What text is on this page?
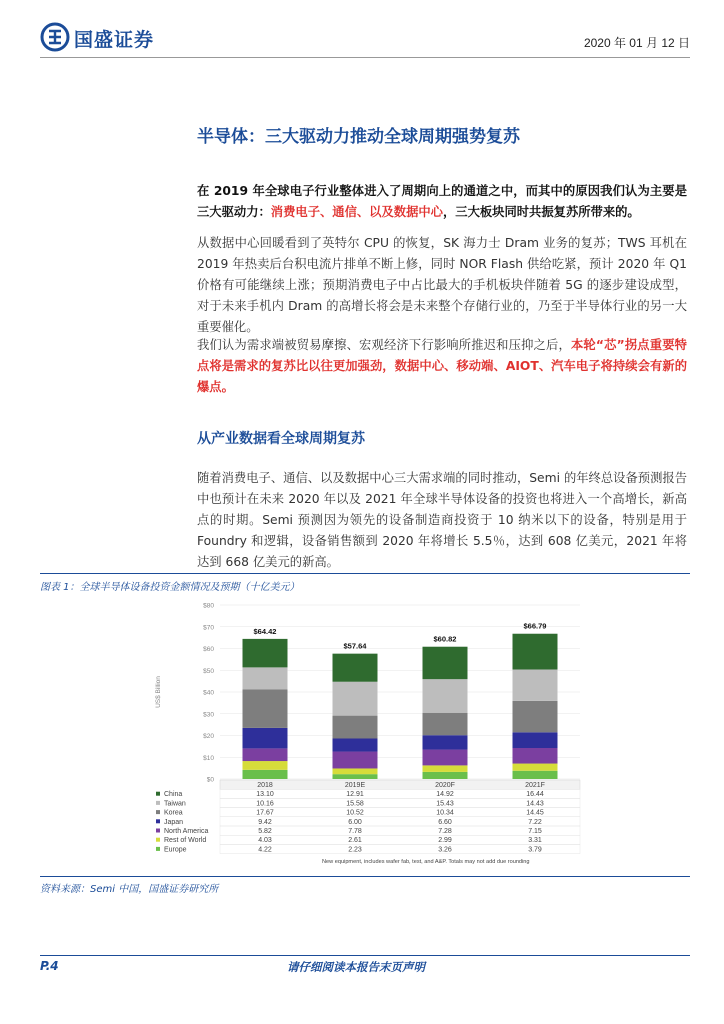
国盛证券	2020 年 01 月 12 日
半导体：三大驱动力推动全球周期强势复苏

在 2019 年全球电子行业整体进入了周期向上的通道之中，而其中的原因我们认为主要是三大驱动力：消费电子、通信、以及数据中心，三大板块同时共振复苏所带来的。

从数据中心回暖看到了英特尔 CPU 的恢复，SK 海力士 Dram 业务的复苏；TWS 耳机在 2019 年热卖后台积电流片排单不断上修，同时 NOR Flash 供给吃紧，预计 2020 年 Q1 价格有可能继续上涨；预期消费电子中占比最大的手机板块伴随着 5G 的逐步建设成型，对于未来手机内 Dram 的高增长将会是未来整个存储行业的，乃至于半导体行业的另一大重要催化。

我们认为需求端被贸易摩擦、宏观经济下行影响所推迟和压抑之后，本轮“芯”拐点重要特点将是需求的复苏比以往更加强劲，数据中心、移动端、AIOT、汽车电子将持续会有新的爆点。

从产业数据看全球周期复苏

随着消费电子、通信、以及数据中心三大需求端的同时推动，Semi 的年终总设备预测报告中也预计在未来 2020 年以及 2021 年全球半导体设备的投资也将进入一个高增长，新高点的时期。Semi 预测因为领先的设备制造商投资于 10 纳米以下的设备，特别是用于 Foundry 和逻辑，设备销售额到 2020 年将增长 5.5％，达到 608 亿美元，2021 年将达到 668 亿美元的新高。

图表 1：全球半导体设备投资金额情况及预期（十亿美元）
$0
$10
$20
$30
$40
$50
$60
$70
$80
US$ Billion
$64.42
$57.64
$60.82
$66.79
2018	2019E	2020F	2021F
China	13.10	12.91	14.92	16.44
Taiwan	10.16	15.58	15.43	14.43
Korea	17.67	10.52	10.34	14.45
Japan	9.42	6.00	6.60	7.22
North America	5.82	7.78	7.28	7.15
Rest of World	4.03	2.61	2.99	3.31
Europe	4.22	2.23	3.26	3.79
New equipment, includes wafer fab, test, and A&P. Totals may not add due rounding
资料来源：Semi 中国，国盛证券研究所
P.4	请仔细阅读本报告末页声明
